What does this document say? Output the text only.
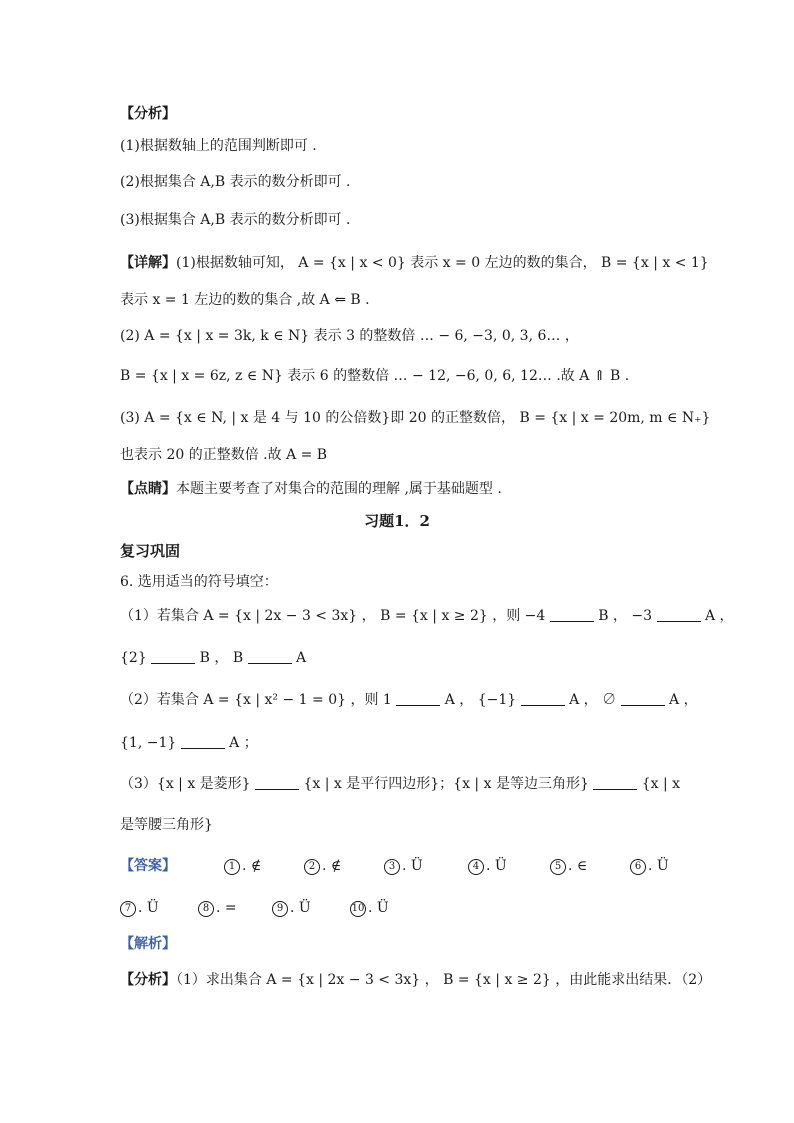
【分析】
(1)根据数轴上的范围判断即可 .
(2)根据集合 A,B 表示的数分析即可 .
(3)根据集合 A,B 表示的数分析即可 .
【详解】(1)根据数轴可知， A = {x | x < 0} 表示 x = 0 左边的数的集合， B = {x | x < 1}
表示 x = 1 左边的数的集合 ,故 A ⇐ B .
(2) A = {x | x = 3k, k ∈ N} 表示 3 的整数倍 … − 6, −3, 0, 3, 6… ，
B = {x | x = 6z, z ∈ N} 表示 6 的整数倍 … − 12, −6, 0, 6, 12… .故 A ⇑ B .
(3) A = {x ∈ N, | x 是 4 与 10 的公倍数}即 20 的正整数倍， B = {x | x = 20m, m ∈ N₊}
也表示 20 的正整数倍 .故 A = B
【点睛】本题主要考查了对集合的范围的理解 ,属于基础题型 .
习题1．2
复习巩固
6. 选用适当的符号填空：
（1）若集合 A = {x | 2x − 3 < 3x} ， B = {x | x ≥ 2} ，则 −4	B ， −3	A ，
{2}	B ， B	A
（2）若集合 A = {x | x² − 1 = 0} ，则 1	A ， {−1}	A ， ∅	A ，
{1, −1}	A ；
（3）{x | x 是菱形}	{x | x 是平行四边形}；{x | x 是等边三角形}	{x | x
是等腰三角形}
【答案】	1 . ∉	2 . ∉	3 . Ü	4 . Ü	5 . ∈	6 . Ü
7 . Ü	8 . =	9 . Ü	10 . Ü
【解析】
【分析】（1）求出集合 A = {x | 2x − 3 < 3x} ， B = {x | x ≥ 2} ，由此能求出结果．（2）
